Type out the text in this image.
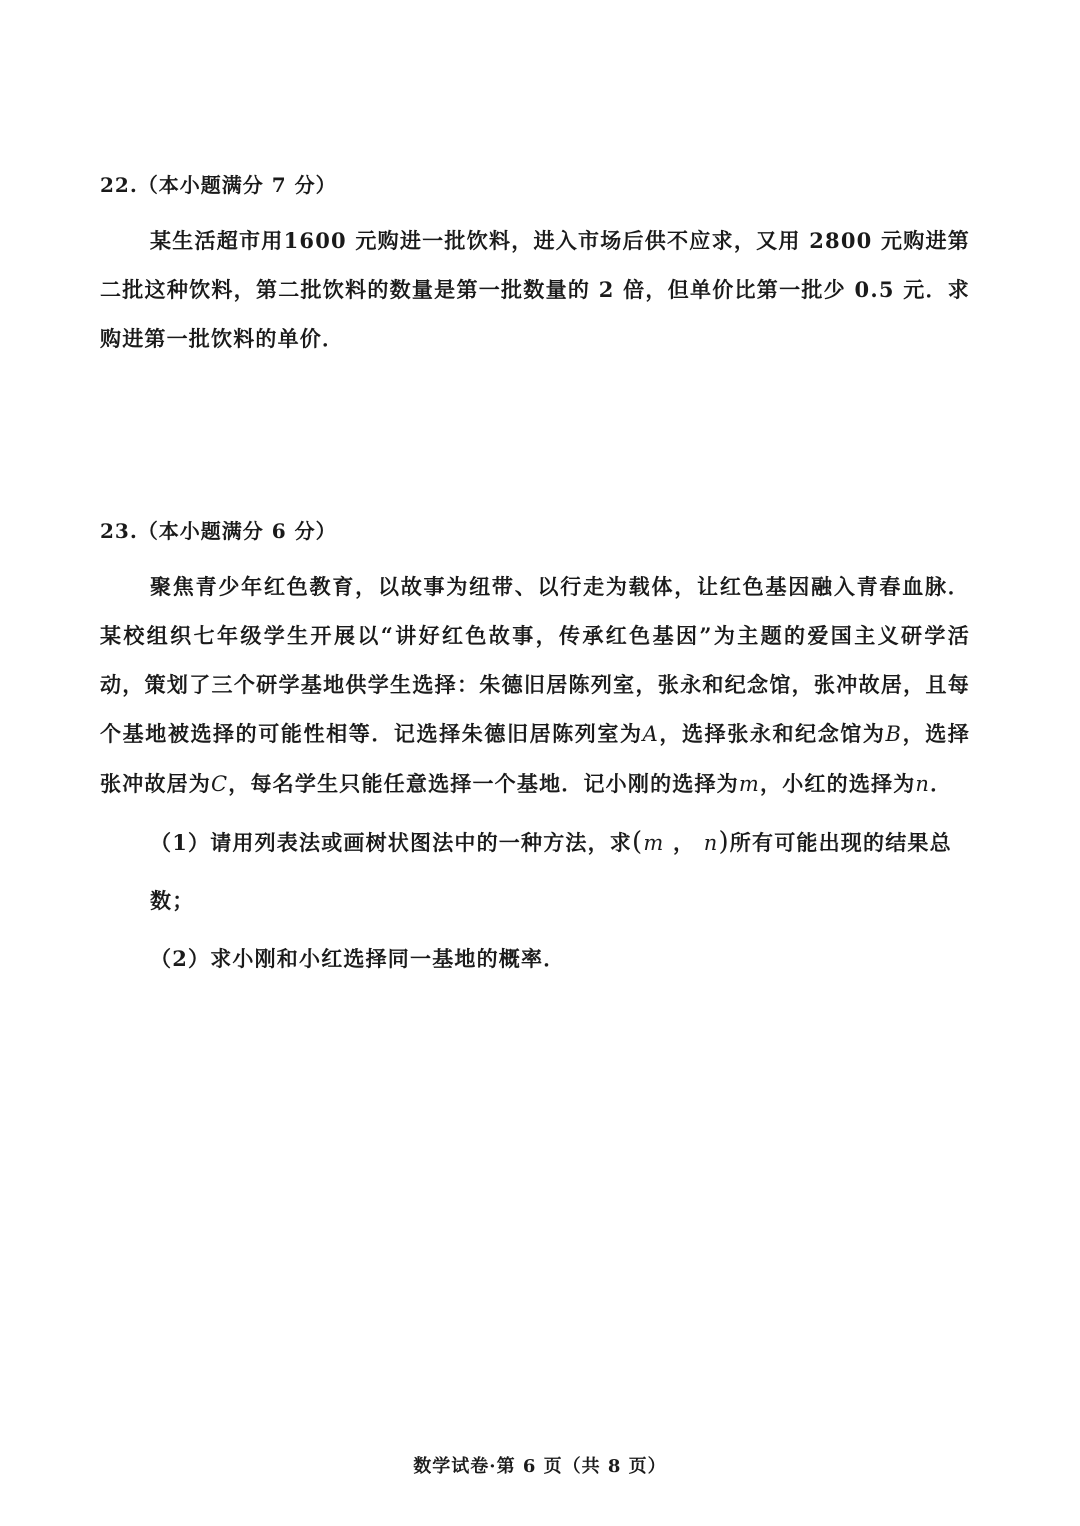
22.（本小题满分 7 分）

某生活超市用1600 元购进一批饮料，进入市场后供不应求，又用 2800 元购进第二批这种饮料，第二批饮料的数量是第一批数量的 2 倍，但单价比第一批少 0.5 元．求购进第一批饮料的单价．

23.（本小题满分 6 分）

聚焦青少年红色教育，以故事为纽带、以行走为载体，让红色基因融入青春血脉．某校组织七年级学生开展以“讲好红色故事，传承红色基因”为主题的爱国主义研学活动，策划了三个研学基地供学生选择：朱德旧居陈列室，张永和纪念馆，张冲故居，且每个基地被选择的可能性相等．记选择朱德旧居陈列室为A，选择张永和纪念馆为B，选择张冲故居为C，每名学生只能任意选择一个基地．记小刚的选择为m，小红的选择为n．

（1）请用列表法或画树状图法中的一种方法，求(m ， n)所有可能出现的结果总数；

（2）求小刚和小红选择同一基地的概率．

数学试卷·第 6 页（共 8 页）
